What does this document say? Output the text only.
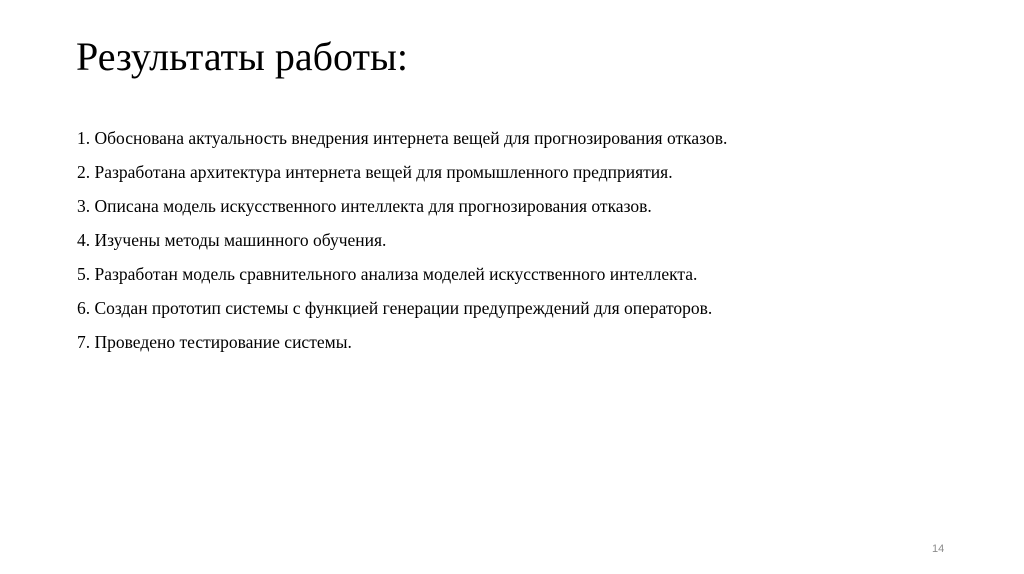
Результаты работы:
1. Обоснована актуальность внедрения интернета вещей для прогнозирования отказов.
2. Разработана архитектура интернета вещей для промышленного предприятия.
3. Описана модель искусственного интеллекта для прогнозирования отказов.
4. Изучены методы машинного обучения.
5. Разработан модель сравнительного анализа моделей искусственного интеллекта.
6. Создан прототип системы с функцией генерации предупреждений для операторов.
7. Проведено тестирование системы.
14
